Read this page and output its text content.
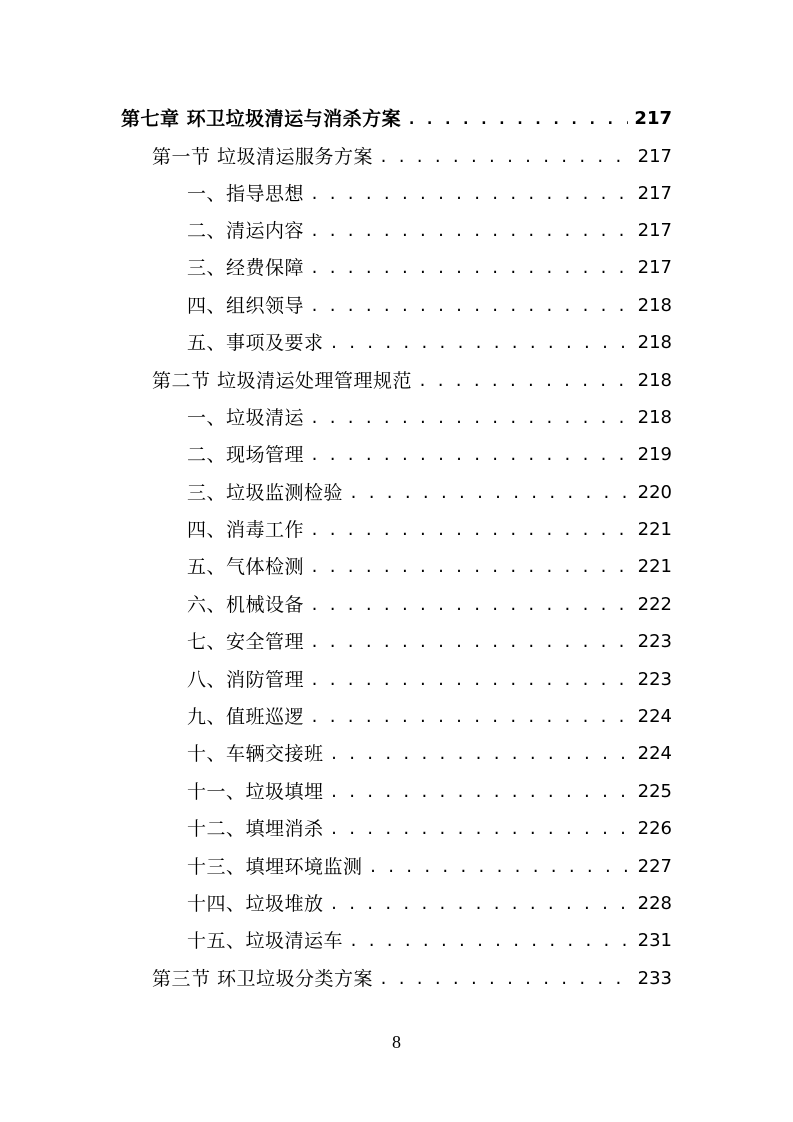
第七章 环卫垃圾清运与消杀方案 . . .	217
第一节 垃圾清运服务方案 . . .	217
一、指导思想 . . .	217
二、清运内容 . . .	217
三、经费保障 . . .	217
四、组织领导 . . .	218
五、事项及要求 . . .	218
第二节 垃圾清运处理管理规范 . . .	218
一、垃圾清运 . . .	218
二、现场管理 . . .	219
三、垃圾监测检验 . . .	220
四、消毒工作 . . .	221
五、气体检测 . . .	221
六、机械设备 . . .	222
七、安全管理 . . .	223
八、消防管理 . . .	223
九、值班巡逻 . . .	224
十、车辆交接班 . . .	224
十一、垃圾填埋 . . .	225
十二、填埋消杀 . . .	226
十三、填埋环境监测 . . .	227
十四、垃圾堆放 . . .	228
十五、垃圾清运车 . . .	231
第三节 环卫垃圾分类方案 . . .	233
8
